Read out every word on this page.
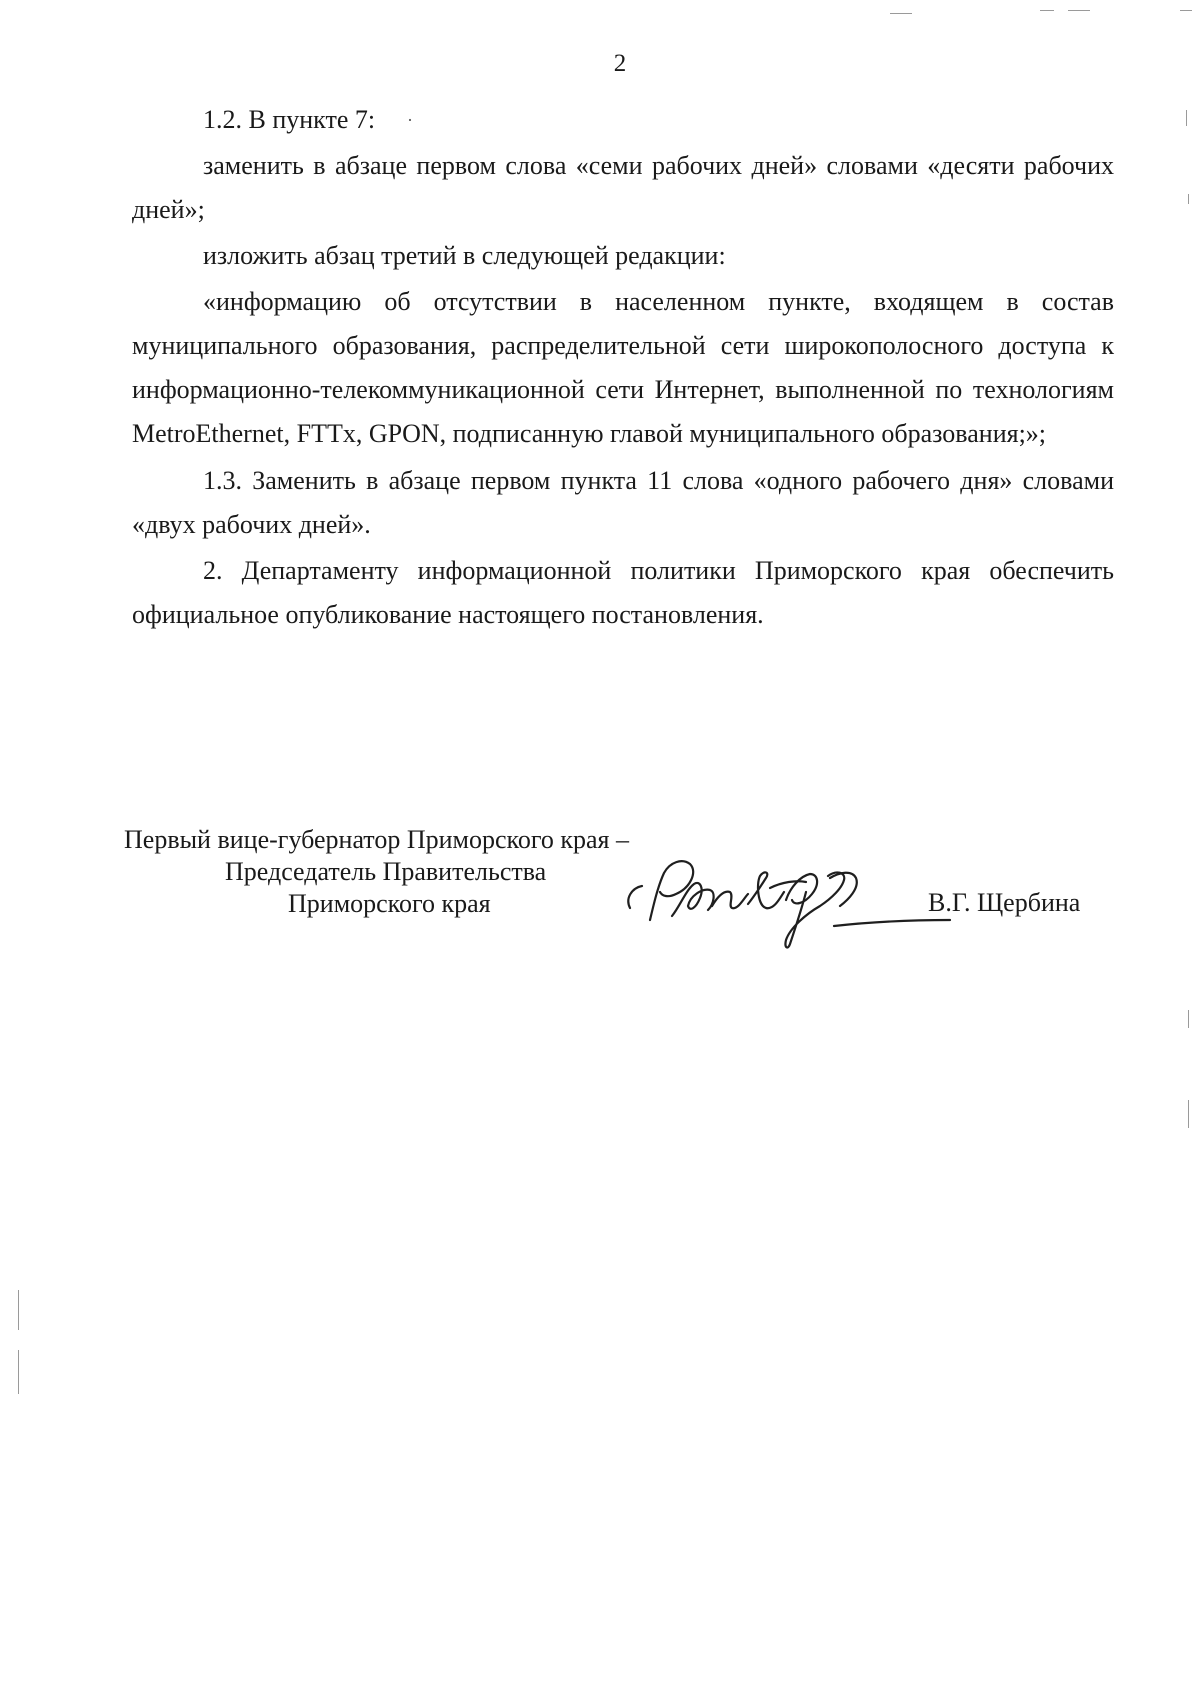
2
·

1.2. В пункте 7:

заменить в абзаце первом слова «семи рабочих дней» словами «десяти рабочих дней»;

изложить абзац третий в следующей редакции:

«информацию об отсутствии в населенном пункте, входящем в состав муниципального образования, распределительной сети широкополосного доступа к информационно-телекоммуникационной сети Интернет, выполненной по технологиям MetroEthernet, FTTx, GPON, подписанную главой муниципального образования;»;

1.3. Заменить в абзаце первом пункта 11 слова «одного рабочего дня» словами «двух рабочих дней».

2. Департаменту информационной политики Приморского края обеспечить официальное опубликование настоящего постановления.

Первый вице-губернатор Приморского края –
Председатель Правительства
Приморского края	В.Г. Щербина
